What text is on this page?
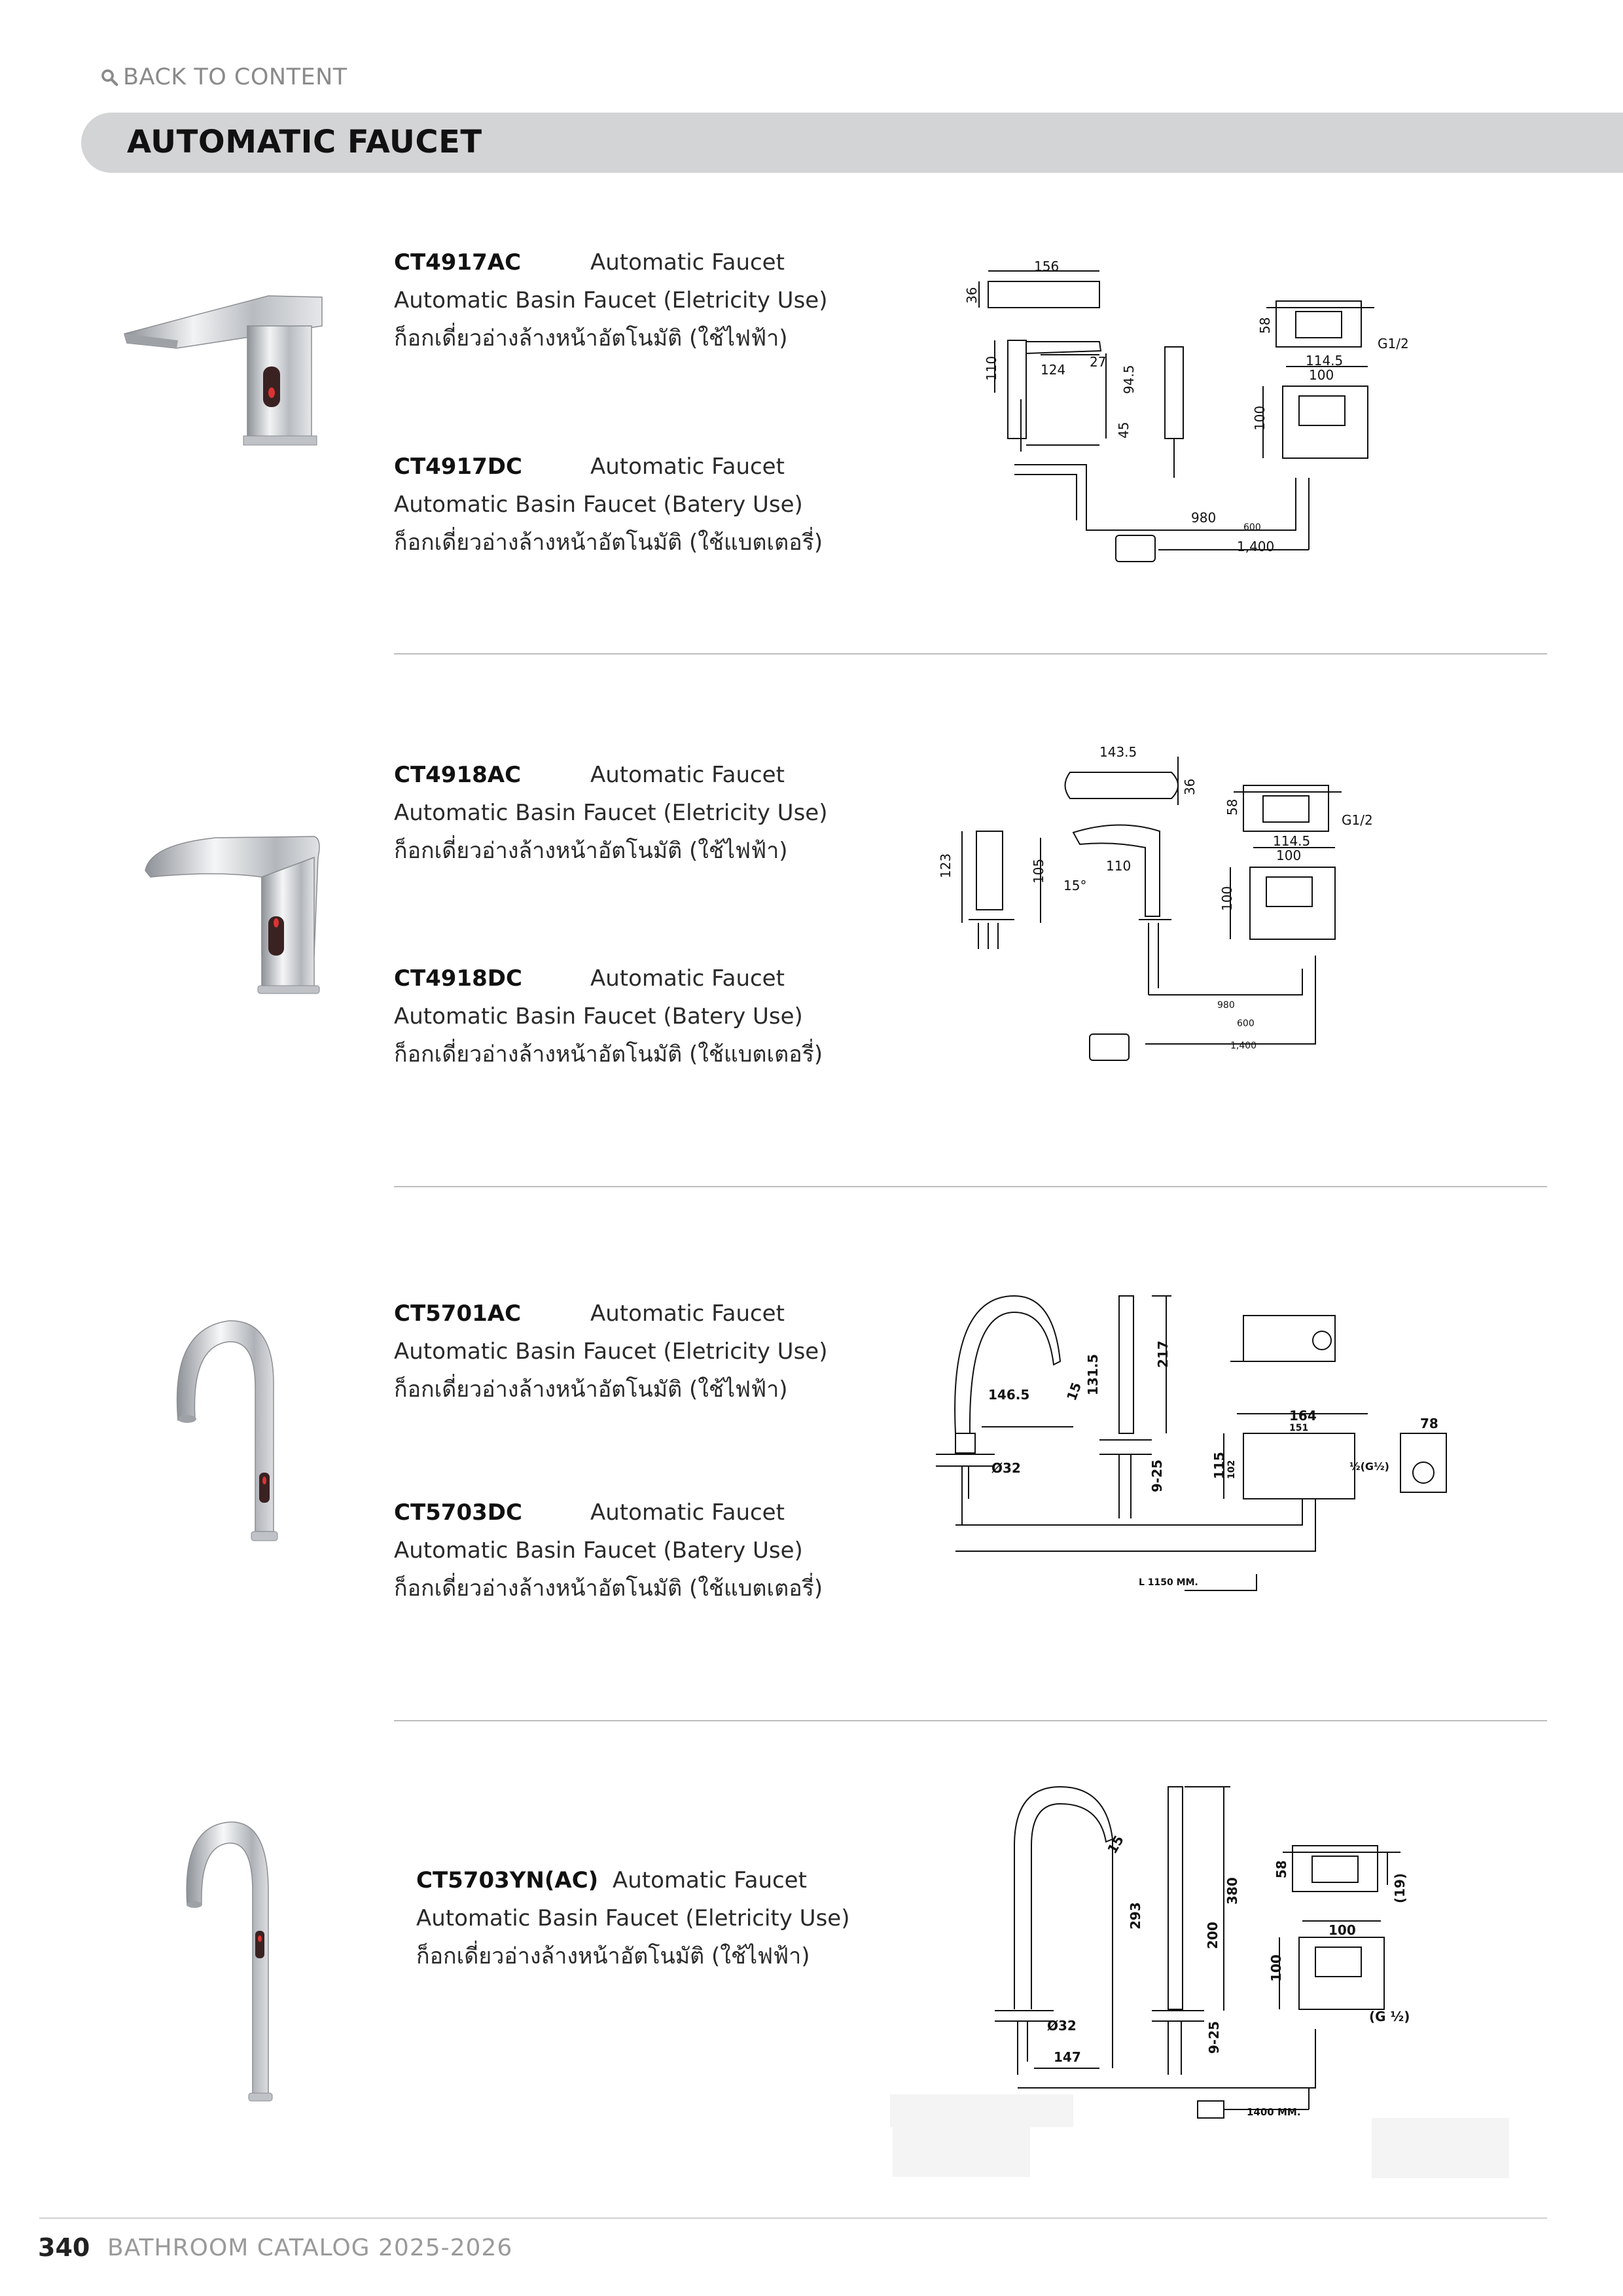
BACK TO CONTENT
AUTOMATIC FAUCET
CT4917AC	Automatic Faucet
Automatic Basin Faucet (Eletricity Use)
ก็อกเดี่ยวอ่างล้างหน้าอัตโนมัติ (ใช้ไฟฟ้า)
CT4917DC	Automatic Faucet
Automatic Basin Faucet (Batery Use)
ก็อกเดี่ยวอ่างล้างหน้าอัตโนมัติ (ใช้แบตเตอรี่)
156
36
110	124 27
94.5
45
58
G1/2
114.5
100
100
980
600
1,400
CT4918AC	Automatic Faucet
Automatic Basin Faucet (Eletricity Use)
ก็อกเดี่ยวอ่างล้างหน้าอัตโนมัติ (ใช้ไฟฟ้า)
CT4918DC	Automatic Faucet
Automatic Basin Faucet (Batery Use)
ก็อกเดี่ยวอ่างล้างหน้าอัตโนมัติ (ใช้แบตเตอรี่)
143.5
36
123	105
15°
110
58
G1/2
114.5
100
100
980
600
1,400
CT5701AC	Automatic Faucet
Automatic Basin Faucet (Eletricity Use)
ก็อกเดี่ยวอ่างล้างหน้าอัตโนมัติ (ใช้ไฟฟ้า)
CT5703DC	Automatic Faucet
Automatic Basin Faucet (Batery Use)
ก็อกเดี่ยวอ่างล้างหน้าอัตโนมัติ (ใช้แบตเตอรี่)
146.5	15 131.5	217
Ø32	9-25
164
151
115 102	½(G½)
78
L 1150 MM.
CT5703YN(AC) Automatic Faucet
Automatic Basin Faucet (Eletricity Use)
ก็อกเดี่ยวอ่างล้างหน้าอัตโนมัติ (ใช้ไฟฟ้า)
15
293
380
200
Ø32	9-25
147
58
(19)
100
100
(G ½)
1400 MM.
340 BATHROOM CATALOG 2025-2026
